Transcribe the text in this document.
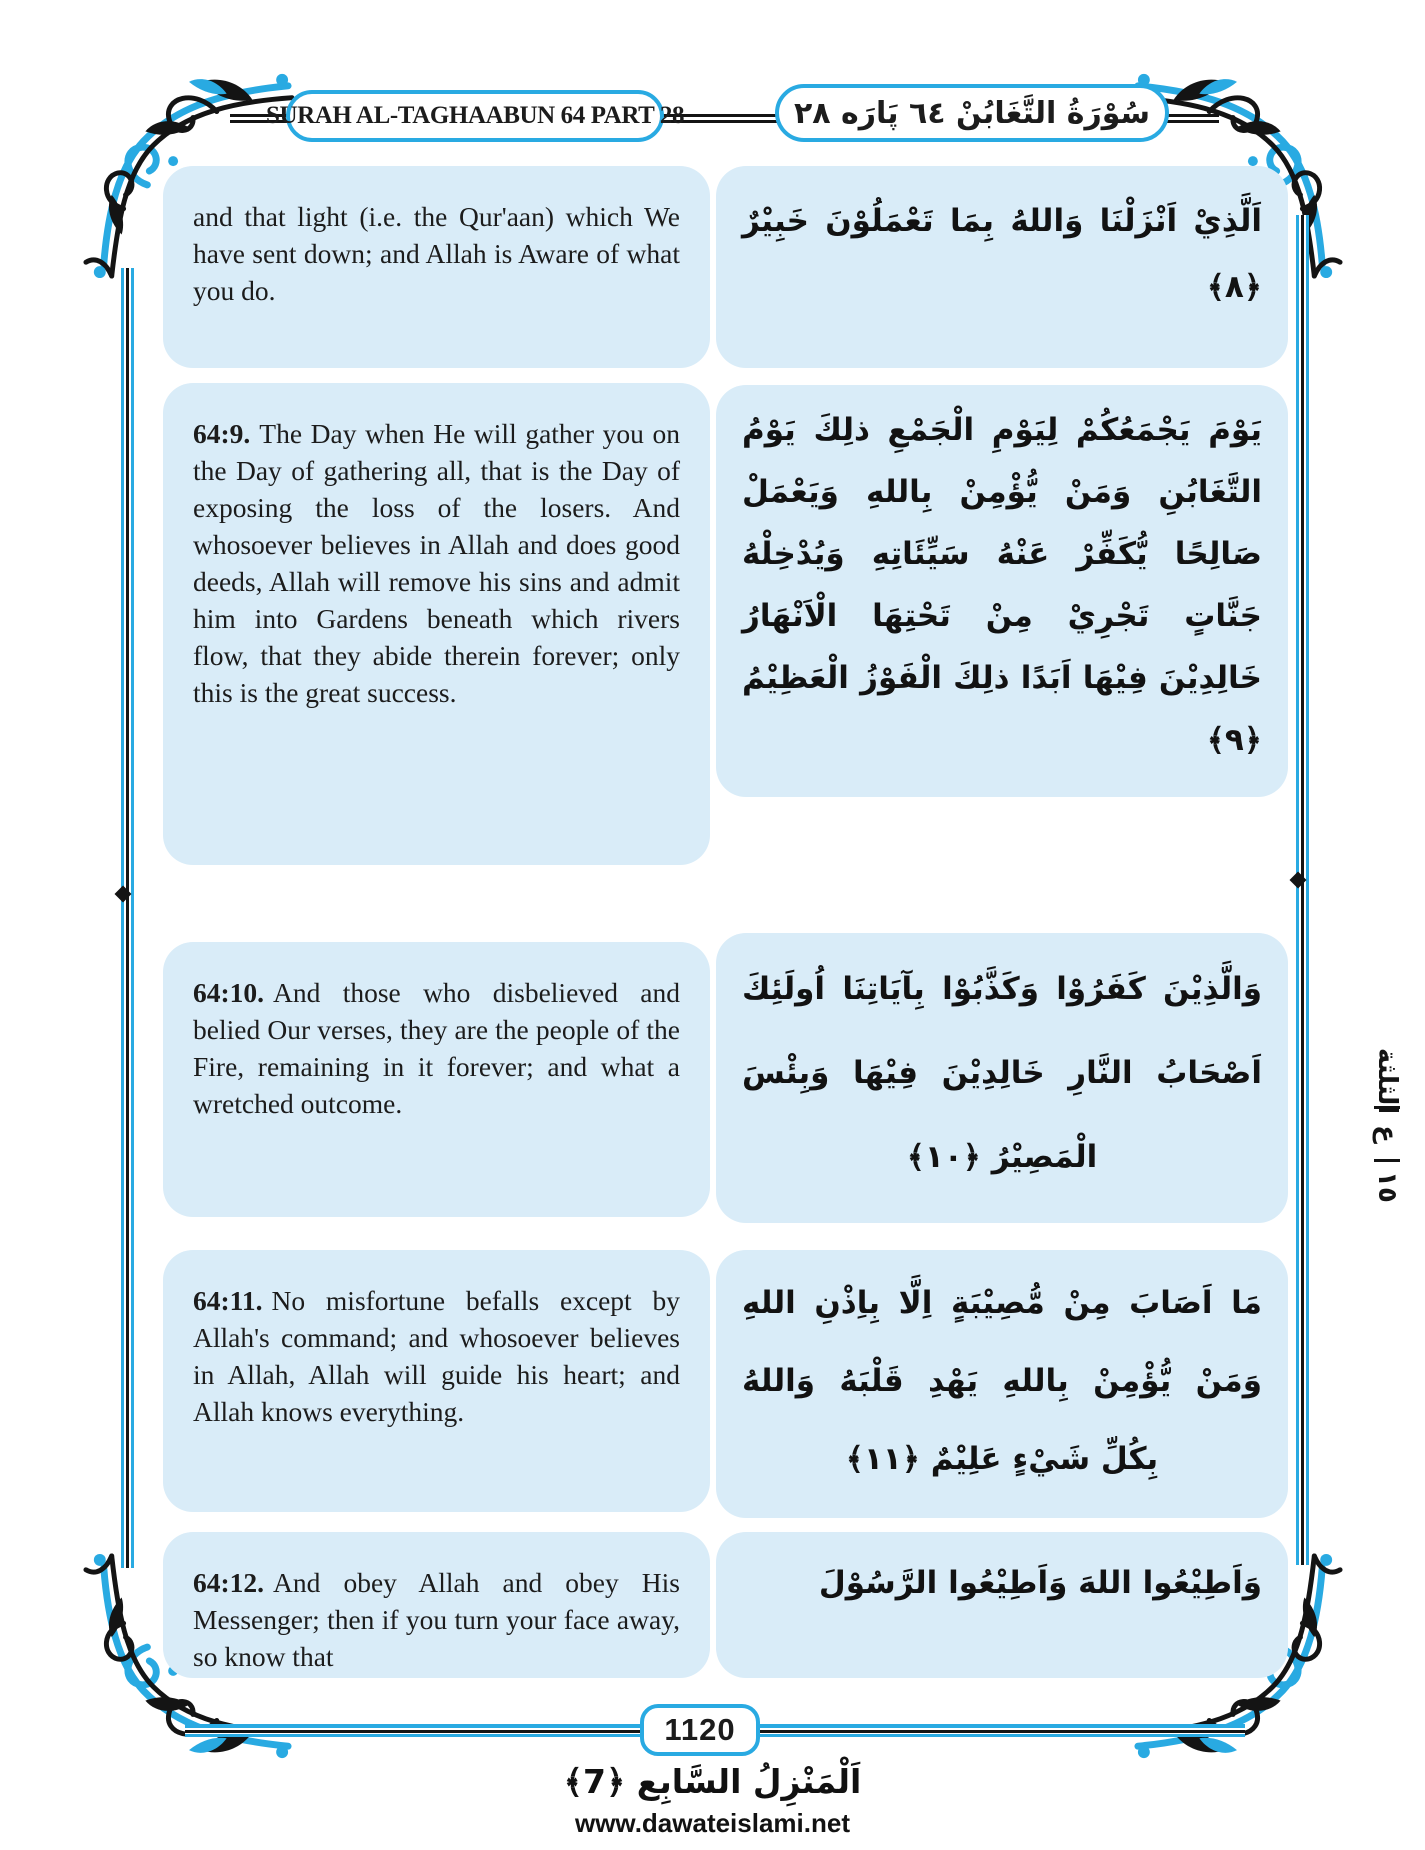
SURAH AL-TAGHAABUN 64 PART 28	سُوْرَةُ التَّغَابُنْ ٦٤ پَارَه ٢٨
and that light (i.e. the Qur'aan) which We have sent down; and Allah is Aware of what you do.
64:9. The Day when He will gather you on the Day of gathering all, that is the Day of exposing the loss of the losers. And whosoever believes in Allah and does good deeds, Allah will remove his sins and admit him into Gardens beneath which rivers flow, that they abide therein forever; only this is the great success.
64:10. And those who disbelieved and belied Our verses, they are the people of the Fire, remaining in it forever; and what a wretched outcome.
64:11. No misfortune befalls except by Allah's command; and whosoever believes in Allah, Allah will guide his heart; and Allah knows everything.
64:12. And obey Allah and obey His Messenger; then if you turn your face away, so know that
اَلَّذِيْ اَنْزَلْنَا وَاللهُ بِمَا تَعْمَلُوْنَ خَبِيْرٌ ﴿٨﴾
يَوْمَ يَجْمَعُكُمْ لِيَوْمِ الْجَمْعِ ذلِكَ يَوْمُ التَّغَابُنِ وَمَنْ يُّؤْمِنْ بِاللهِ وَيَعْمَلْ صَالِحًا يُّكَفِّرْ عَنْهُ سَيِّئَاتِهِ وَيُدْخِلْهُ جَنَّاتٍ تَجْرِيْ مِنْ تَحْتِهَا الْاَنْهَارُ خَالِدِيْنَ فِيْهَا اَبَدًا ذلِكَ الْفَوْزُ الْعَظِيْمُ ﴿٩﴾
وَالَّذِيْنَ كَفَرُوْا وَكَذَّبُوْا بِآيَاتِنَا اُولَئِكَ اَصْحَابُ النَّارِ خَالِدِيْنَ فِيْهَا وَبِئْسَ الْمَصِيْرُ ﴿١٠﴾
مَا اَصَابَ مِنْ مُّصِيْبَةٍ اِلَّا بِاِذْنِ اللهِ وَمَنْ يُّؤْمِنْ بِاللهِ يَهْدِ قَلْبَهُ وَاللهُ بِكُلِّ شَيْءٍ عَلِيْمٌ ﴿١١﴾
وَاَطِيْعُوا اللهَ وَاَطِيْعُوا الرَّسُوْلَ
الثلثة
ع
١٥
1120
اَلْمَنْزِلُ السَّابِع ﴿7﴾
www.dawateislami.net
